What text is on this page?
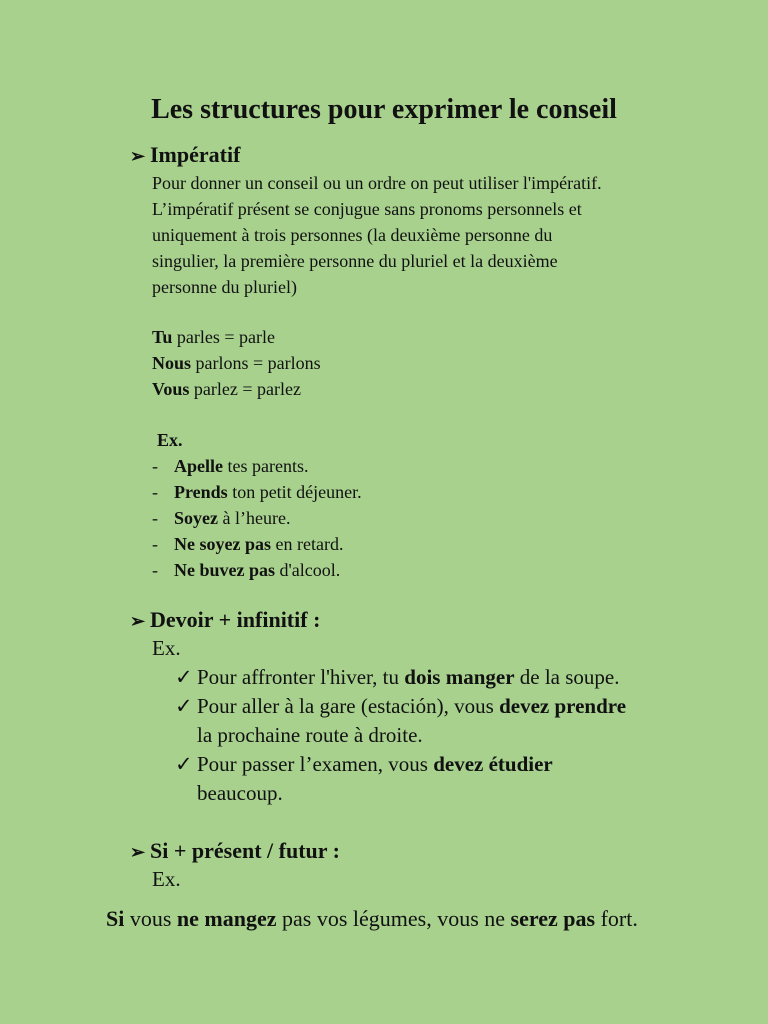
Les structures pour exprimer le conseil
➢ Impératif
Pour donner un conseil ou un ordre on peut utiliser l'impératif.
L’impératif présent se conjugue sans pronoms personnels et
uniquement à trois personnes (la deuxième personne du
singulier, la première personne du pluriel et la deuxième
personne du pluriel)
Tu parles = parle
Nous parlons = parlons
Vous parlez = parlez
Ex.
- Apelle tes parents.
- Prends ton petit déjeuner.
- Soyez à l’heure.
- Ne soyez pas en retard.
- Ne buvez pas d'alcool.
➢ Devoir + infinitif :
Ex.
✓ Pour affronter l'hiver, tu dois manger de la soupe.
✓ Pour aller à la gare (estación), vous devez prendre
la prochaine route à droite.
✓ Pour passer l’examen, vous devez étudier
beaucoup.
➢ Si + présent / futur :
Ex.
Si vous ne mangez pas vos légumes, vous ne serez pas fort.
